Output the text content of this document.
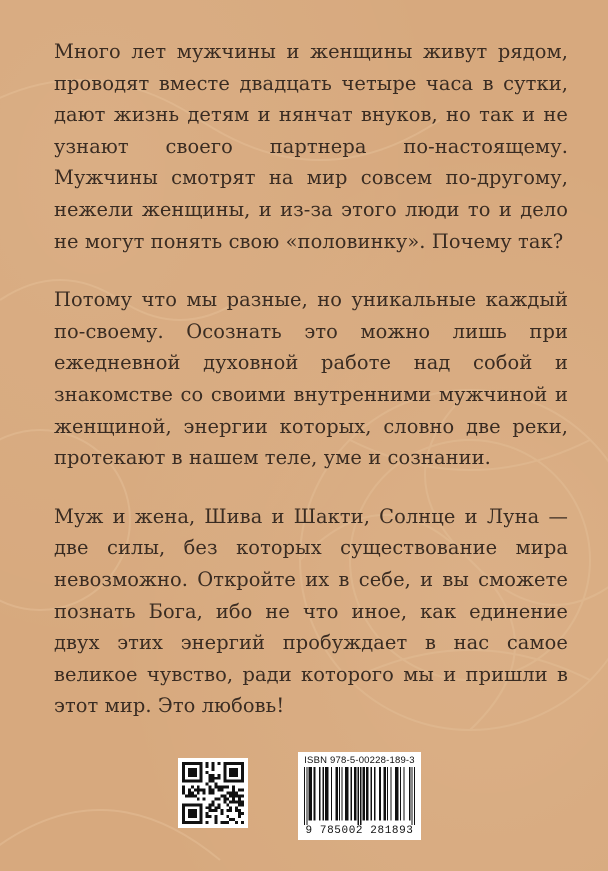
Много лет мужчины и женщины живут рядом, проводят вместе двадцать четыре часа в сутки, дают жизнь детям и нянчат внуков, но так и не узнают своего партнера по-настоящему. Мужчины смотрят на мир совсем по-другому, нежели женщины, и из-за этого люди то и дело не могут понять свою «половинку». Почему так?

Потому что мы разные, но уникальные каждый по-своему. Осознать это можно лишь при ежедневной духовной работе над собой и знакомстве со своими внутренними мужчиной и женщиной, энергии которых, словно две реки, протекают в нашем теле, уме и сознании.

Муж и жена, Шива и Шакти, Солнце и Луна — две силы, без которых существование мира невозможно. Откройте их в себе, и вы сможете познать Бога, ибо не что иное, как единение двух этих энергий пробуждает в нас самое великое чувство, ради которого мы и пришли в этот мир. Это любовь!

ISBN 978-5-00228-189-3
9 785002 281893
